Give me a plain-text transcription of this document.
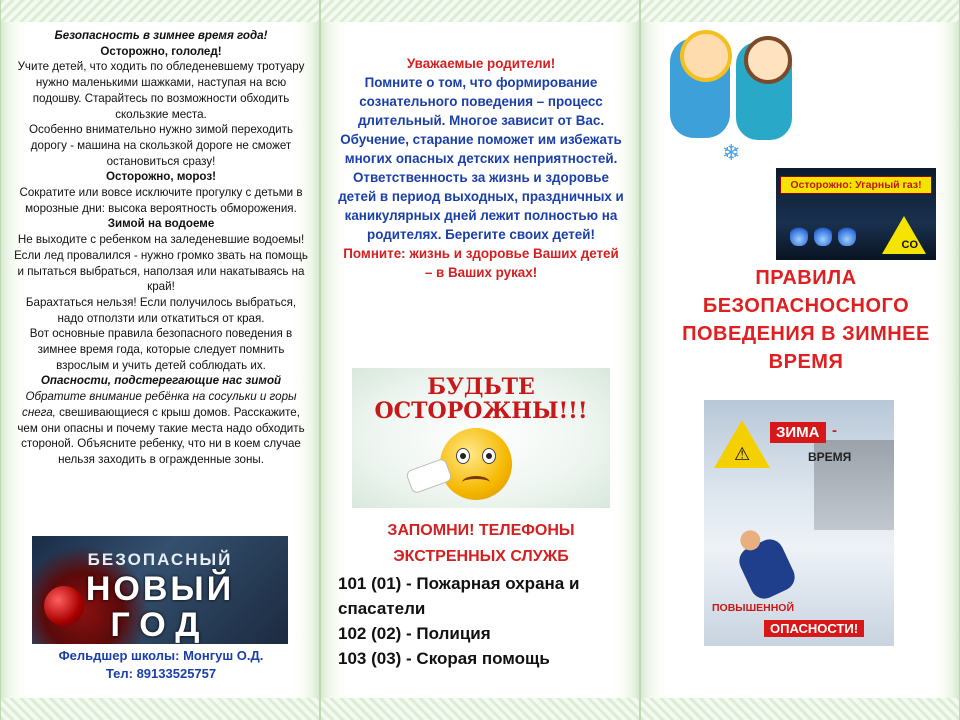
Безопасность в зимнее время года!

Осторожно, гололед!

Учите детей, что ходить по обледеневшему тротуару нужно маленькими шажками, наступая на всю подошву. Старайтесь по возможности обходить скользкие места.

Особенно внимательно нужно зимой переходить дорогу - машина на скользкой дороге не сможет остановиться сразу!

Осторожно, мороз!

Сократите или вовсе исключите прогулку с детьми в морозные дни: высока вероятность обморожения.

Зимой на водоеме

Не выходите с ребенком на заледеневшие водоемы! Если лед провалился - нужно громко звать на помощь и пытаться выбраться, наползая или накатываясь на край!

Барахтаться нельзя! Если получилось выбраться, надо отползти или откатиться от края.

Вот основные правила безопасного поведения в зимнее время года, которые следует помнить взрослым и учить детей соблюдать их.

Опасности, подстерегающие нас зимой

Обратите внимание ребёнка на сосульки и горы снега, свешивающиеся с крыш домов. Расскажите, чем они опасны и почему такие места надо обходить стороной. Объясните ребенку, что ни в коем случае нельзя заходить в огражденные зоны.

БЕЗОПАСНЫЙ
НОВЫЙ
ГОД
Фельдшер школы: Монгуш О.Д.
Тел: 89133525757
Уважаемые родители!
Помните о том, что формирование сознательного поведения – процесс длительный. Многое зависит от Вас. Обучение, старание поможет им избежать многих опасных детских неприятностей. Ответственность за жизнь и здоровье детей в период выходных, праздничных и каникулярных дней лежит полностью на родителях. Берегите своих детей!
Помните: жизнь и здоровье Ваших детей – в Ваших руках!
БУДЬТЕ
ОСТОРОЖНЫ!!!
ЗАПОМНИ! ТЕЛЕФОНЫ ЭКСТРЕННЫХ СЛУЖБ
101 (01) - Пожарная охрана и спасатели
102 (02) - Полиция
103 (03) - Скорая помощь
❄
Осторожно: Угарный газ!
CO
ПРАВИЛА БЕЗОПАСНОСНОГО ПОВЕДЕНИЯ В ЗИМНЕЕ ВРЕМЯ
⚠
ЗИМА -
ВРЕМЯ
ПОВЫШЕННОЙ
ОПАСНОСТИ!
